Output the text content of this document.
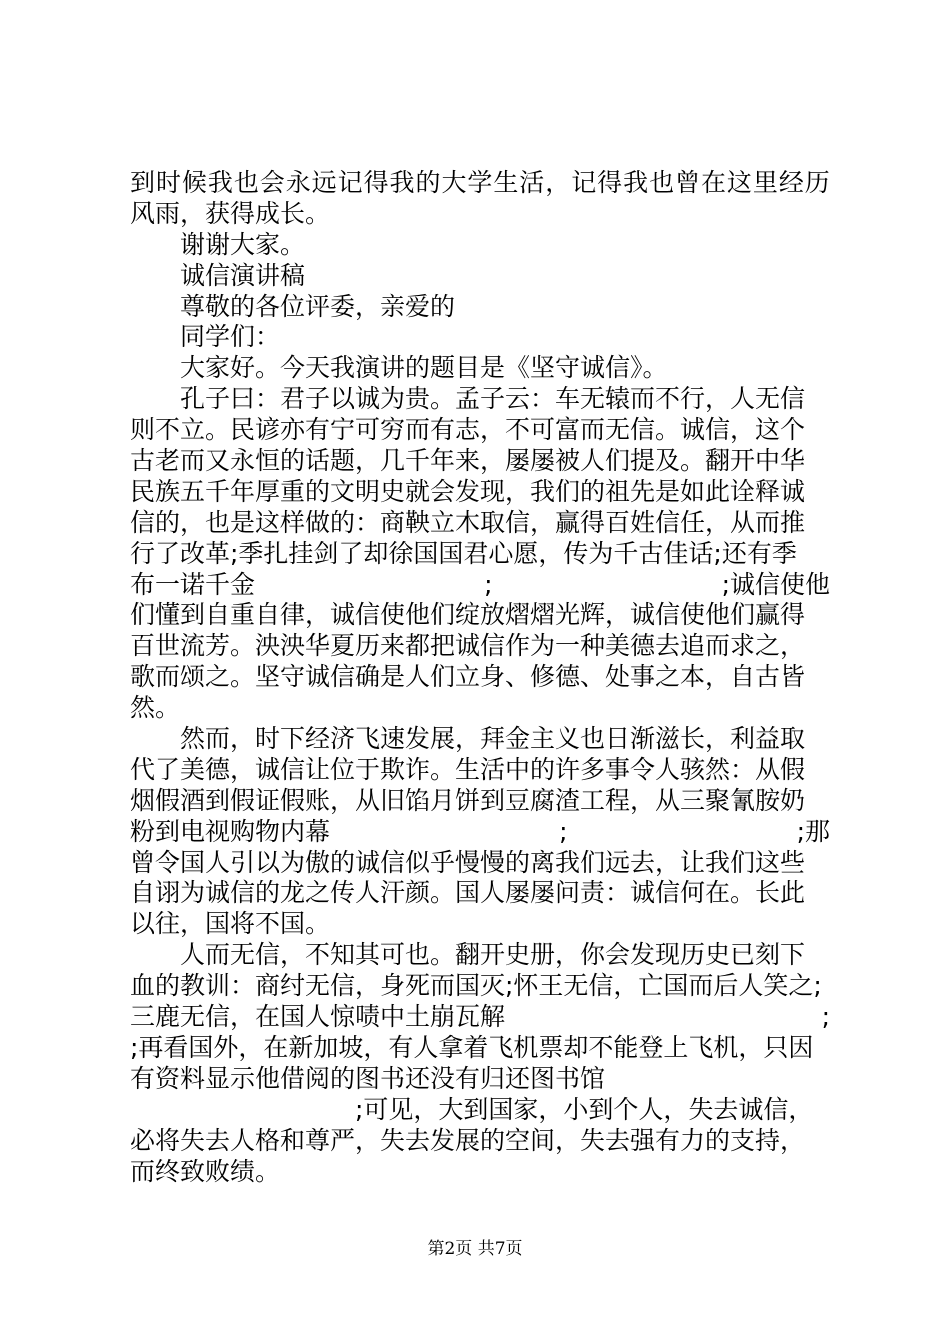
到 时 候 我 也 会 永 远 记 得 我 的 大 学 生 活 ， 记 得 我 也 曾 在 这 里 经 历
风雨，获得成长。
谢谢大家。
诚信演讲稿
尊敬的各位评委，亲爱的
同学们：
大家好。今天我演讲的题目是《坚守诚信》。
孔子曰：君子以诚为贵。孟子云：车无辕而不行，人无信
则不立。民谚亦有宁可穷而有志，不可富而无信。诚信，这个
古老而又永恒的话题，几千年来，屡屡被人们提及。翻开中华
民族五千年厚重的文明史就会发现，我们的祖先是如此诠释诚
信的，也是这样做的：商鞅立木取信，赢得百姓信任，从而推
行了改革;季扎挂剑了却徐国国君心愿，传为千古佳话;还有季
布一诺千金	;	;诚信使他
们懂到自重自律，诚信使他们绽放熠熠光辉，诚信使他们赢得
百世流芳。泱泱华夏历来都把诚信作为一种美德去追而求之，
歌而颂之。坚守诚信确是人们立身、修德、处事之本，自古皆
然。
然而，时下经济飞速发展，拜金主义也日渐滋长，利益取
代了美德，诚信让位于欺诈。生活中的许多事令人骇然：从假
烟假酒到假证假账，从旧馅月饼到豆腐渣工程，从三聚氰胺奶
粉到电视购物内幕	;	;那
曾令国人引以为傲的诚信似乎慢慢的离我们远去，让我们这些
自诩为诚信的龙之传人汗颜。国人屡屡问责：诚信何在。长此
以往，国将不国。
人而无信，不知其可也。翻开史册，你会发现历史已刻下
血的教训：商纣无信，身死而国灭;怀王无信，亡国而后人笑之;
三鹿无信，在国人惊啧中土崩瓦解	;
;再看国外，在新加坡，有人拿着飞机票却不能登上飞机，只因
有资料显示他借阅的图书还没有归还图书馆
;可见，大到国家，小到个人，失去诚信，
必将失去人格和尊严，失去发展的空间，失去强有力的支持，
而终致败绩。
第2页 共7页
